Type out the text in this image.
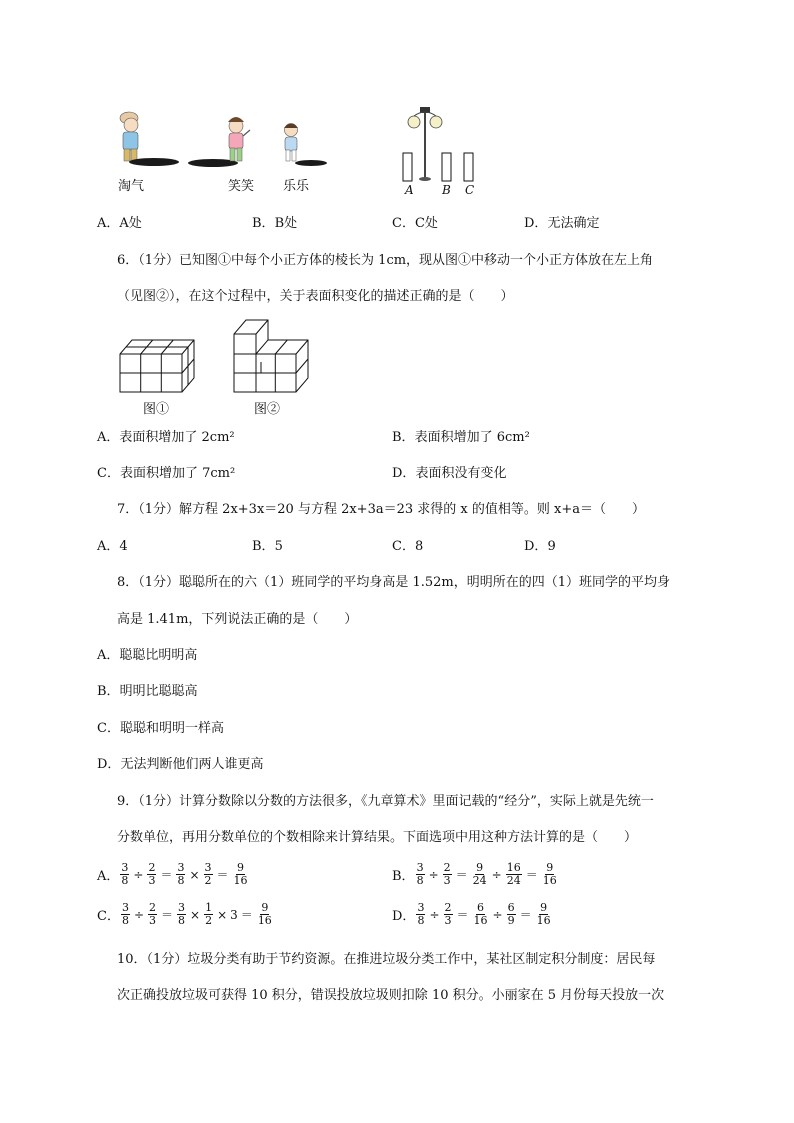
淘气	笑笑 乐乐	A B C
A．A处	B．B处	C．C处	D．无法确定
6．（1分）已知图①中每个小正方体的棱长为 1cm，现从图①中移动一个小正方体放在左上角
（见图②），在这个过程中，关于表面积变化的描述正确的是（　　）
图①	图②
A．表面积增加了 2cm²	B．表面积增加了 6cm²
C．表面积增加了 7cm²	D．表面积没有变化
7．（1分）解方程 2x+3x＝20 与方程 2x+3a＝23 求得的 x 的值相等。则 x+a＝（　　）
A．4	B．5	C．8	D．9
8．（1分）聪聪所在的六（1）班同学的平均身高是 1.52m，明明所在的四（1）班同学的平均身
高是 1.41m，下列说法正确的是（　　）
A．聪聪比明明高
B．明明比聪聪高
C．聪聪和明明一样高
D．无法判断他们两人谁更高
9．（1分）计算分数除以分数的方法很多，《九章算术》里面记载的“经分”，实际上就是先统一
分数单位，再用分数单位的个数相除来计算结果。下面选项中用这种方法计算的是（　　）
A． $\frac{3}{8} \div \frac{2}{3} = \frac{3}{8} \times \frac{3}{2} = \frac{9}{16}$	B． $\frac{3}{8} \div \frac{2}{3} = \frac{9}{24} \div \frac{16}{24} = \frac{9}{16}$
C． $\frac{3}{8} \div \frac{2}{3} = \frac{3}{8} \times \frac{1}{2} \times 3 = \frac{9}{16}$	D． $\frac{3}{8} \div \frac{2}{3} = \frac{6}{16} \div \frac{6}{9} = \frac{9}{16}$
10．（1分）垃圾分类有助于节约资源。在推进垃圾分类工作中，某社区制定积分制度：居民每
次正确投放垃圾可获得 10 积分，错误投放垃圾则扣除 10 积分。小丽家在 5 月份每天投放一次
